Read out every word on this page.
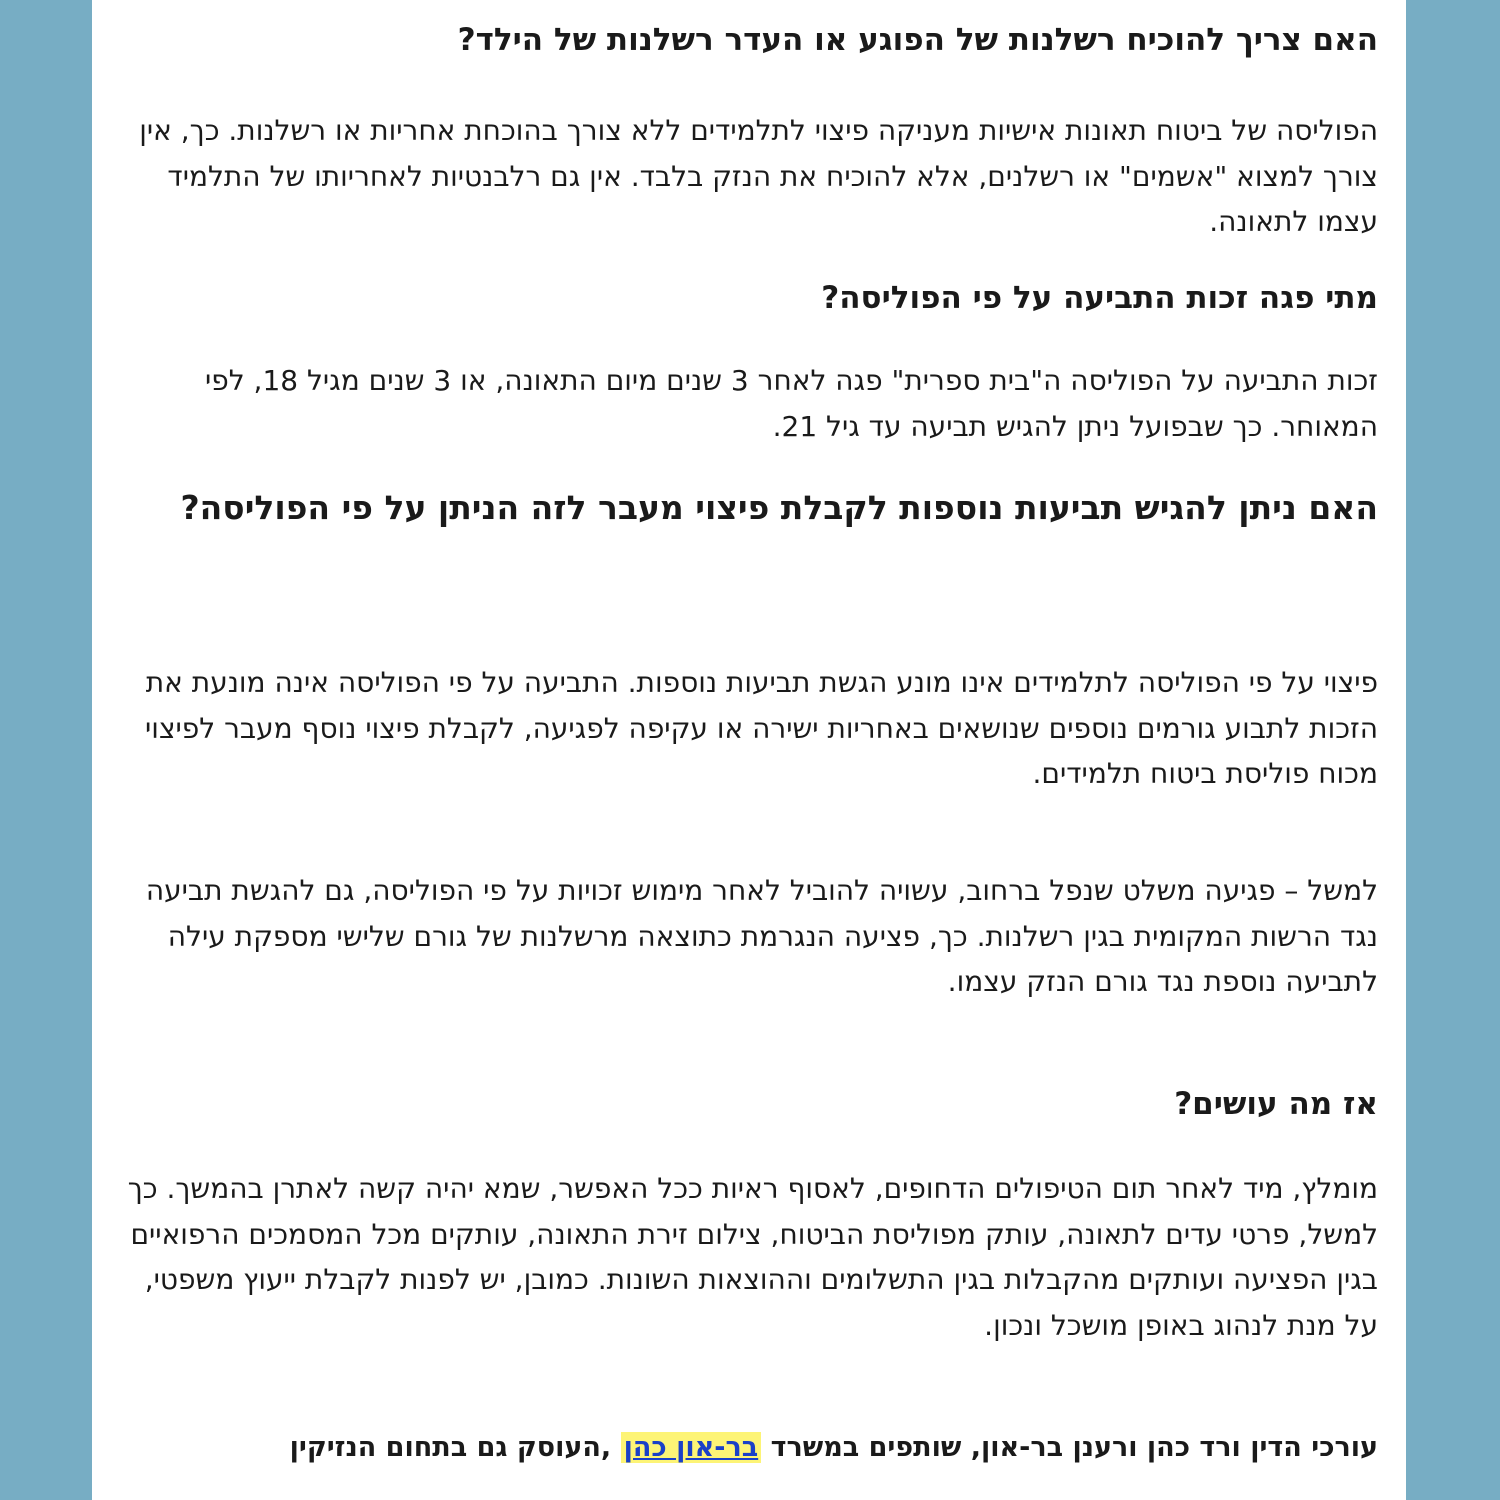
האם צריך להוכיח רשלנות של הפוגע או העדר רשלנות של הילד?

הפוליסה של ביטוח תאונות אישיות מעניקה פיצוי לתלמידים ללא צורך בהוכחת אחריות או רשלנות. כך, אין צורך למצוא "אשמים" או רשלנים, אלא להוכיח את הנזק בלבד. אין גם רלבנטיות לאחריותו של התלמיד עצמו לתאונה.

מתי פגה זכות התביעה על פי הפוליסה?

זכות התביעה על הפוליסה ה"בית ספרית" פגה לאחר 3 שנים מיום התאונה, או 3 שנים מגיל 18, לפי המאוחר. כך שבפועל ניתן להגיש תביעה עד גיל 21.

האם ניתן להגיש תביעות נוספות לקבלת פיצוי מעבר לזה הניתן על פי הפוליסה?

פיצוי על פי הפוליסה לתלמידים אינו מונע הגשת תביעות נוספות. התביעה על פי הפוליסה אינה מונעת את הזכות לתבוע גורמים נוספים שנושאים באחריות ישירה או עקיפה לפגיעה, לקבלת פיצוי נוסף מעבר לפיצוי מכוח פוליסת ביטוח תלמידים.

למשל – פגיעה משלט שנפל ברחוב, עשויה להוביל לאחר מימוש זכויות על פי הפוליסה, גם להגשת תביעה נגד הרשות המקומית בגין רשלנות. כך, פציעה הנגרמת כתוצאה מרשלנות של גורם שלישי מספקת עילה לתביעה נוספת נגד גורם הנזק עצמו.

אז מה עושים?

מומלץ, מיד לאחר תום הטיפולים הדחופים, לאסוף ראיות ככל האפשר, שמא יהיה קשה לאתרן בהמשך. כך למשל, פרטי עדים לתאונה, עותק מפוליסת הביטוח, צילום זירת התאונה, עותקים מכל המסמכים הרפואיים בגין הפציעה ועותקים מהקבלות בגין התשלומים וההוצאות השונות. כמובן, יש לפנות לקבלת ייעוץ משפטי, על מנת לנהוג באופן מושכל ונכון.

עורכי הדין ורד כהן ורענן בר-און, שותפים במשרד בר-און כהן ,העוסק גם בתחום הנזיקין
